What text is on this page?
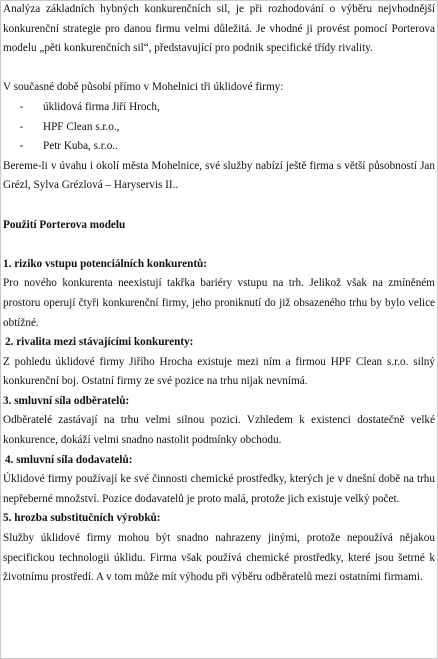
Analýza základních hybných konkurenčních sil, je při rozhodování o výběru nejvhodnější konkurenční strategie pro danou firmu velmi důležitá. Je vhodné ji provést pomocí Porterova modelu „pěti konkurenčních sil“, představující pro podnik specifické třídy rivality.

V současné době působí přímo v Mohelnici tři úklidové firmy:

-	úklidová firma Jiří Hroch,
-	HPF Clean s.r.o.,
-	Petr Kuba, s.r.o..

Bereme-li v úvahu i okolí města Mohelnice, své služby nabízí ještě firma s větší působností Jan Grézl, Sylva Grézlová – Haryservis II..

Použití Porterova modelu

1. riziko vstupu potenciálních konkurentů:

Pro nového konkurenta neexistují takřka bariéry vstupu na trh. Jelikož však na zmíněném prostoru operují čtyři konkurenční firmy, jeho proniknutí do již obsazeného trhu by bylo velice obtížné.

2. rivalita mezi stávajícími konkurenty:

Z pohledu úklidové firmy Jiřího Hrocha existuje mezi ním a firmou HPF Clean s.r.o. silný konkurenční boj. Ostatní firmy ze své pozice na trhu nijak nevnímá.

3. smluvní síla odběratelů:

Odběratelé zastávají na trhu velmi silnou pozici. Vzhledem k existenci dostatečně velké konkurence, dokáží velmi snadno nastolit podmínky obchodu.

4. smluvní síla dodavatelů:

Úklidové firmy používají ke své činnosti chemické prostředky, kterých je v dnešní době na trhu nepřeberné množství. Pozice dodavatelů je proto malá, protože jich existuje velký počet.

5. hrozba substitučních výrobků:

Služby úklidové firmy mohou být snadno nahrazeny jinými, protože nepoužívá nějakou specifickou technologii úklidu. Firma však používá chemické prostředky, které jsou šetrné k životnímu prostředí. A v tom může mít výhodu při výběru odběratelů mezi ostatními firmami.
